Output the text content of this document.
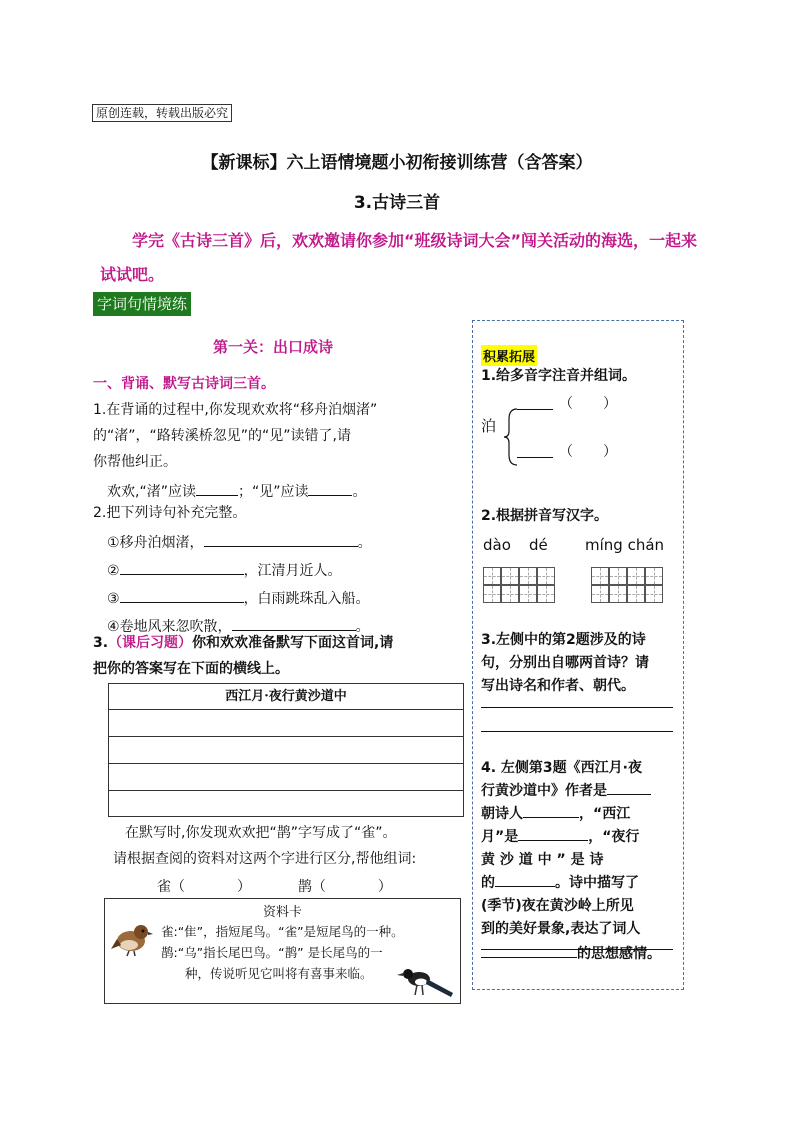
原创连载，转载出版必究
【新课标】六上语情境题小初衔接训练营（含答案）
3.古诗三首
学完《古诗三首》后，欢欢邀请你参加“班级诗词大会”闯关活动的海选，一起来试试吧。
字词句情境练
第一关：出口成诗
一、背诵、默写古诗词三首。
1.在背诵的过程中,你发现欢欢将“移舟泊烟渚”
的“渚”，“路转溪桥忽见”的“见”读错了,请
你帮他纠正。
欢欢,“渚”应读	；“见”应读	。
2.把下列诗句补充完整。
①移舟泊烟渚，	。
②	，江清月近人。
③	，白雨跳珠乱入船。
④卷地风来忽吹散，	。
3.（课后习题）你和欢欢准备默写下面这首词,请
把你的答案写在下面的横线上。
西江月·夜行黄沙道中
在默写时,你发现欢欢把“鹊”字写成了“雀”。
请根据查阅的资料对这两个字进行区分,帮他组词:
雀（	）	鹊（	）
资料卡
雀:“隹”，指短尾鸟。“雀”是短尾鸟的一种。
鹊:“乌”指长尾巴鸟。“鹊” 是长尾鸟的一
种，传说听见它叫将有喜事来临。
积累拓展
1.给多音字注音并组词。
泊
（ ）
（ ）
2.根据拼音写汉字。
dào dé míng chán
3.左侧中的第2题涉及的诗
句，分别出自哪两首诗？请
写出诗名和作者、朝代。
4. 左侧第3题《西江月·夜
行黄沙道中》作者是
朝诗人	，“西江
月”是	，“夜行
黄 沙 道 中 ” 是 诗
的	。诗中描写了
(季节)夜在黄沙岭上所见
到的美好景象,表达了词人
的思想感情。
